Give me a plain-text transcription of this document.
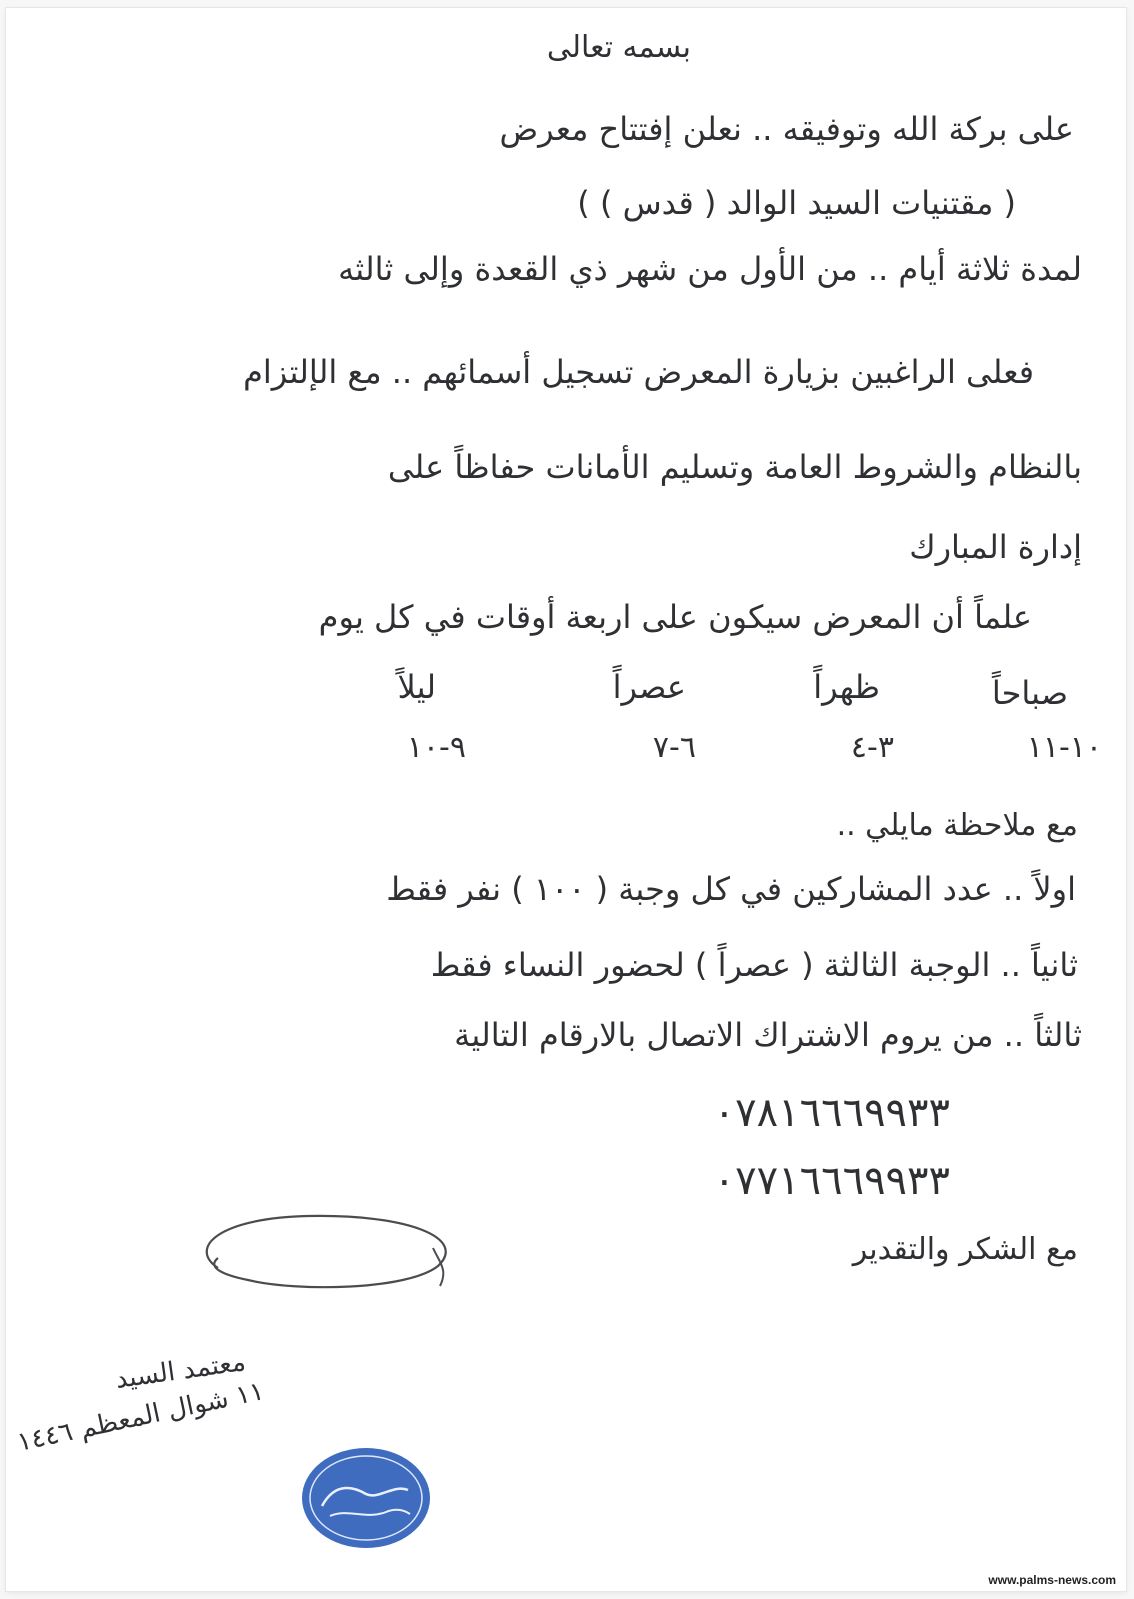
بسمه تعالى
على بركة الله وتوفيقه .. نعلن إفتتاح معرض
( مقتنيات السيد الوالد ( قدس ) )
لمدة ثلاثة أيام .. من الأول من شهر ذي القعدة وإلى ثالثه
فعلى الراغبين بزيارة المعرض تسجيل أسمائهم .. مع الإلتزام
بالنظام والشروط العامة وتسليم الأمانات حفاظاً على
إدارة المبارك
علماً أن المعرض سيكون على اربعة أوقات في كل يوم
صباحاً
ظهراً
عصراً
ليلاً
١٠-١١
٣-٤
٦-٧
٩-١٠
مع ملاحظة مايلي ..
اولاً .. عدد المشاركين في كل وجبة ( ١٠٠ ) نفر فقط
ثانياً .. الوجبة الثالثة ( عصراً ) لحضور النساء فقط
ثالثاً .. من يروم الاشتراك الاتصال بالارقام التالية
٠٧٨١٦٦٦٩٩٣٣
٠٧٧١٦٦٦٩٩٣٣
مع الشكر والتقدير
معتمد السيد
١١ شوال المعظم ١٤٤٦
www.palms-news.com
